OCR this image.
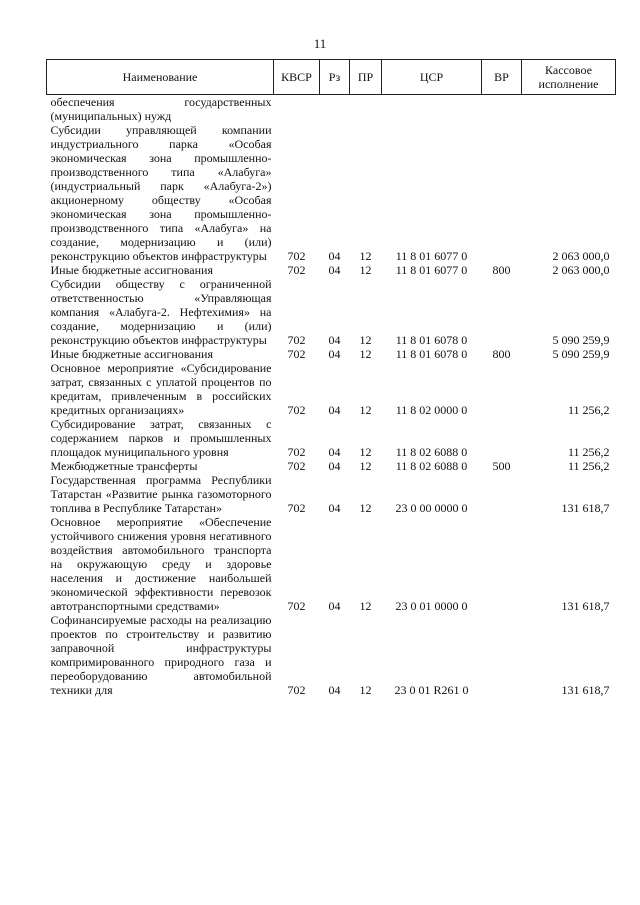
11
Наименование	КВСР	Рз	ПР	ЦСР	ВР	Кассовое
исполнение

обеспечения государственных (муниципальных) нужд						
Субсидии управляющей компании индустриального парка «Особая экономическая зона промышленно-производственного типа «Алабуга» (индустриальный парк «Алабуга-2») акционерному обществу «Особая экономическая зона промышленно-производственного типа «Алабуга» на создание, модернизацию и (или) реконструкцию объектов инфраструктуры	702	04	12	11 8 01 6077 0		2 063 000,0
Иные бюджетные ассигнования	702	04	12	11 8 01 6077 0	800	2 063 000,0
Субсидии обществу с ограниченной ответственностью «Управляющая компания «Алабуга-2. Нефтехимия» на создание, модернизацию и (или) реконструкцию объектов инфраструктуры	702	04	12	11 8 01 6078 0		5 090 259,9
Иные бюджетные ассигнования	702	04	12	11 8 01 6078 0	800	5 090 259,9
Основное мероприятие «Субсидирование затрат, связанных с уплатой процентов по кредитам, привлеченным в российских кредитных организациях»	702	04	12	11 8 02 0000 0		11 256,2
Субсидирование затрат, связанных с содержанием парков и промышленных площадок муниципального уровня	702	04	12	11 8 02 6088 0		11 256,2
Межбюджетные трансферты	702	04	12	11 8 02 6088 0	500	11 256,2
Государственная программа Республики Татарстан «Развитие рынка газомоторного топлива в Республике Татарстан»	702	04	12	23 0 00 0000 0		131 618,7
Основное мероприятие «Обеспечение устойчивого снижения уровня негативного воздействия автомобильного транспорта на окружающую среду и здоровье населения и достижение наибольшей экономической эффективности перевозок автотранспортными средствами»	702	04	12	23 0 01 0000 0		131 618,7
Софинансируемые расходы на реализацию проектов по строительству и развитию заправочной инфраструктуры компримированного природного газа и переоборудованию автомобильной техники для	702	04	12	23 0 01 R261 0		131 618,7
